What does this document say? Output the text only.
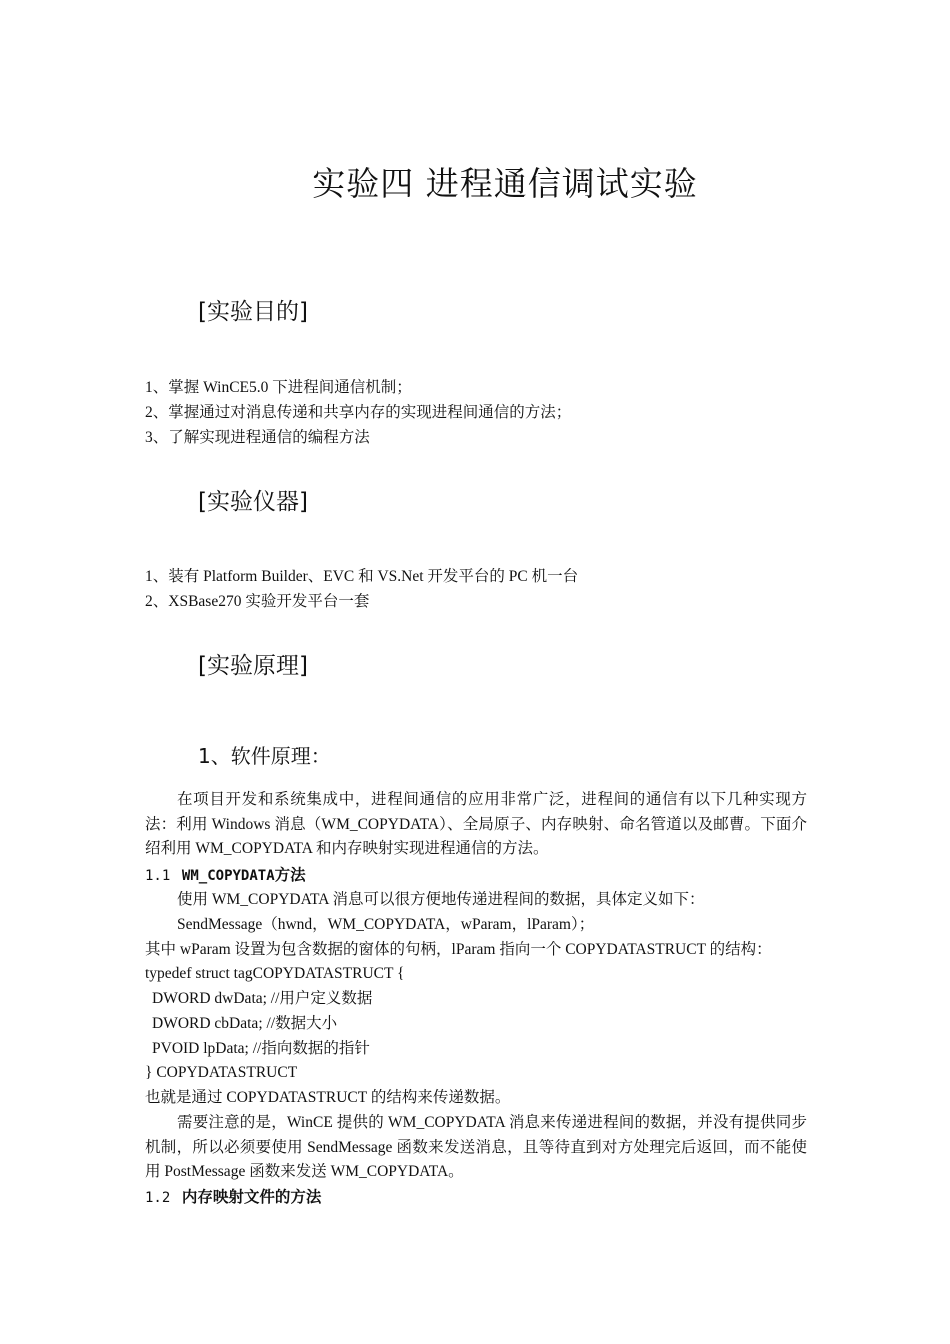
实验四 进程通信调试实验
[实验目的]
1、掌握 WinCE5.0 下进程间通信机制；
2、掌握通过对消息传递和共享内存的实现进程间通信的方法；
3、了解实现进程通信的编程方法
[实验仪器]
1、装有 Platform Builder、EVC 和 VS.Net 开发平台的 PC 机一台
2、XSBase270 实验开发平台一套
[实验原理]
1、软件原理：
在项目开发和系统集成中，进程间通信的应用非常广泛，进程间的通信有以下几种实现方法：利用 Windows 消息（WM_COPYDATA）、全局原子、内存映射、命名管道以及邮曹。下面介绍利用 WM_COPYDATA 和内存映射实现进程通信的方法。
1.1 WM_COPYDATA方法
使用 WM_COPYDATA 消息可以很方便地传递进程间的数据，具体定义如下：
SendMessage（hwnd，WM_COPYDATA，wParam，lParam）；
其中 wParam 设置为包含数据的窗体的句柄，lParam 指向一个 COPYDATASTRUCT 的结构：
typedef struct tagCOPYDATASTRUCT {
DWORD dwData; //用户定义数据
DWORD cbData; //数据大小
PVOID lpData; //指向数据的指针
} COPYDATASTRUCT
也就是通过 COPYDATASTRUCT 的结构来传递数据。
需要注意的是，WinCE 提供的 WM_COPYDATA 消息来传递进程间的数据，并没有提供同步机制，所以必须要使用 SendMessage 函数来发送消息，且等待直到对方处理完后返回，而不能使用 PostMessage 函数来发送 WM_COPYDATA。
1.2 内存映射文件的方法
